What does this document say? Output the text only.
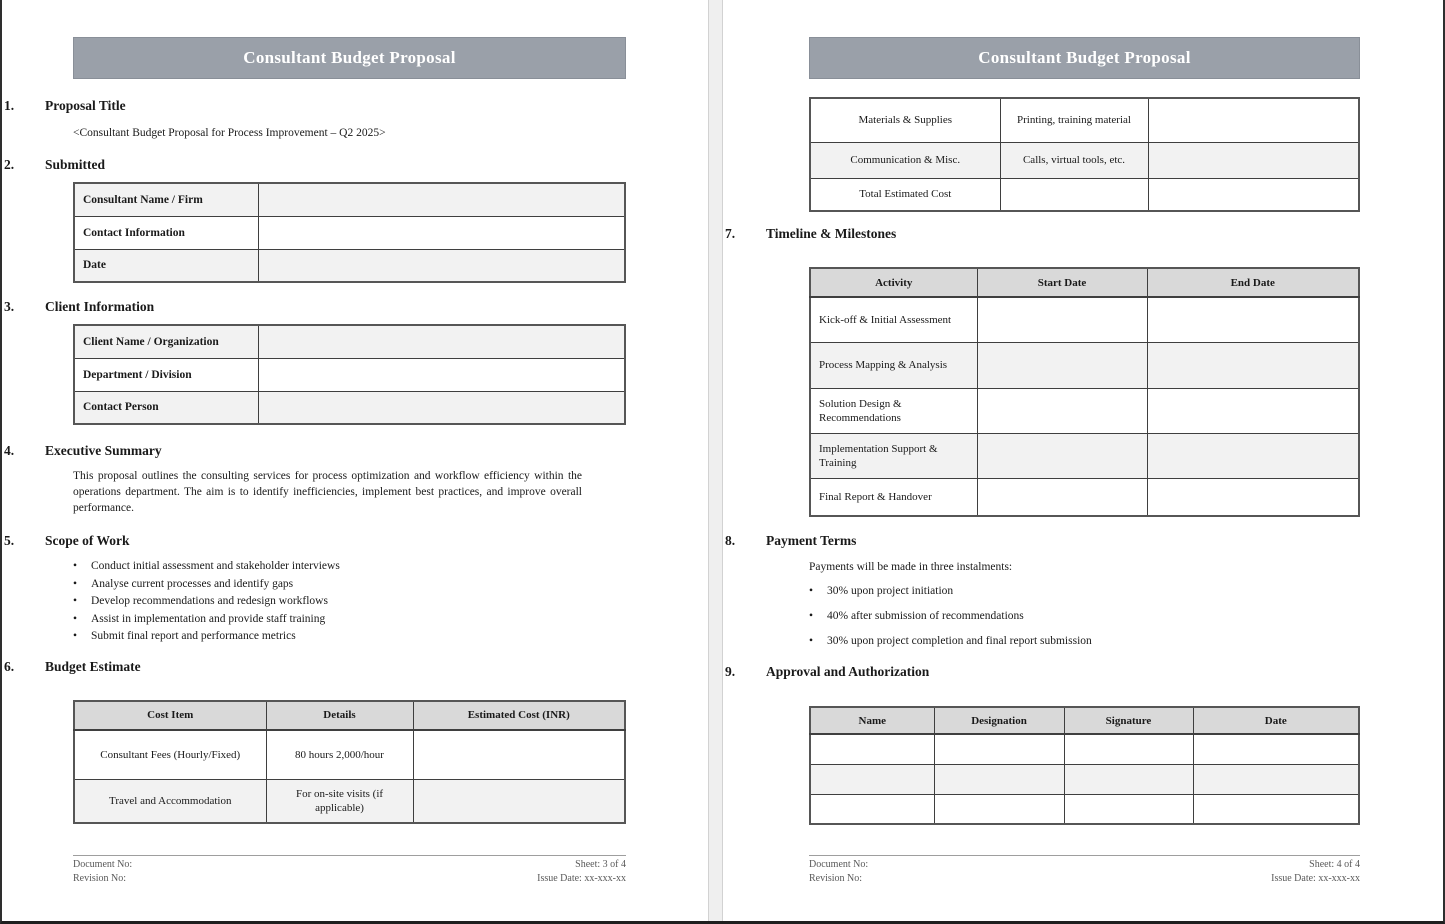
Consultant Budget Proposal
1.	Proposal Title
<Consultant Budget Proposal for Process Improvement – Q2 2025>
2.	Submitted
Consultant Name / Firm	
Contact Information	
Date	
3.	Client Information
Client Name / Organization	
Department / Division	
Contact Person	
4.	Executive Summary
This proposal outlines the consulting services for process optimization and workflow efficiency within the operations department. The aim is to identify inefficiencies, implement best practices, and improve overall performance.
5.	Scope of Work
•	Conduct initial assessment and stakeholder interviews
•	Analyse current processes and identify gaps
•	Develop recommendations and redesign workflows
•	Assist in implementation and provide staff training
•	Submit final report and performance metrics
6.	Budget Estimate
Cost Item	Details	Estimated Cost (INR)
Consultant Fees (Hourly/Fixed)	80 hours 2,000/hour	
Travel and Accommodation	For on-site visits (if applicable)	
Document No:
Revision No:
Sheet: 3 of 4
Issue Date: xx-xxx-xx
Consultant Budget Proposal
Materials & Supplies	Printing, training material	
Communication & Misc.	Calls, virtual tools, etc.	
Total Estimated Cost		
7.	Timeline & Milestones
Activity	Start Date	End Date
Kick-off & Initial Assessment		
Process Mapping & Analysis		
Solution Design & Recommendations		
Implementation Support & Training		
Final Report & Handover		
8.	Payment Terms
Payments will be made in three instalments:
•	30% upon project initiation
•	40% after submission of recommendations
•	30% upon project completion and final report submission
9.	Approval and Authorization
Name	Designation	Signature	Date

Document No:
Revision No:
Sheet: 4 of 4
Issue Date: xx-xxx-xx
